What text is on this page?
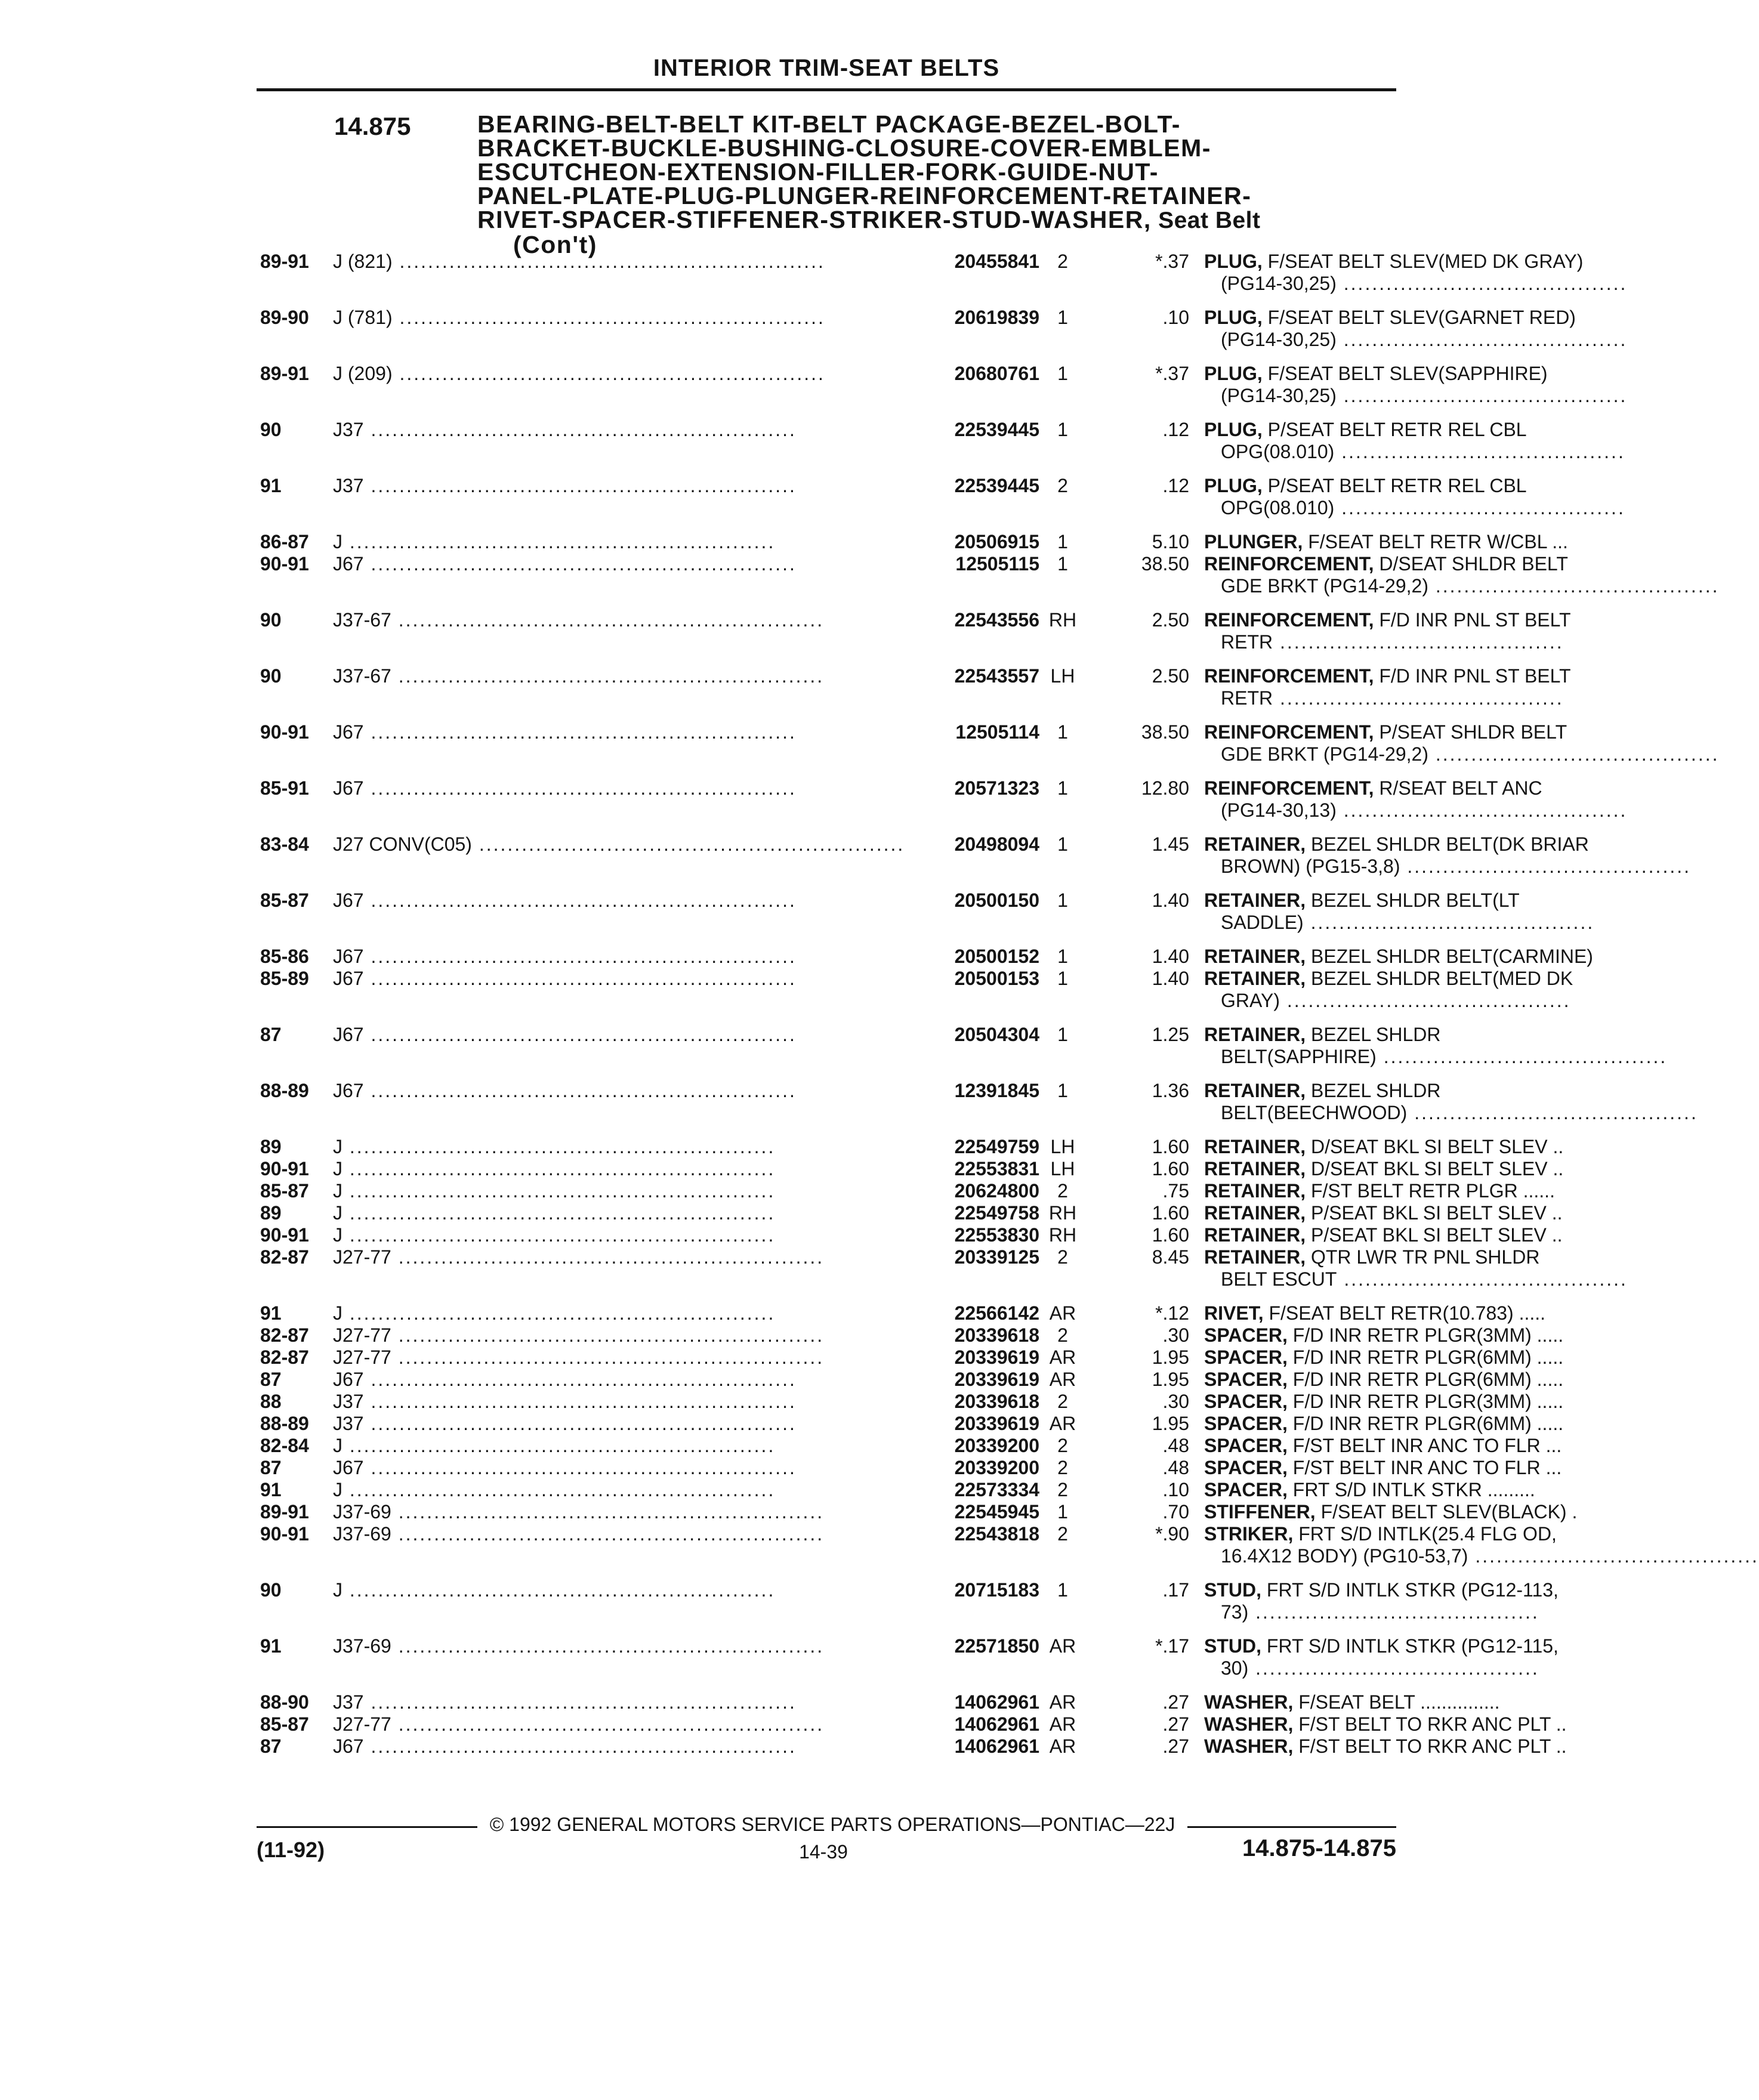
INTERIOR TRIM-SEAT BELTS
14.875	BEARING-BELT-BELT KIT-BELT PACKAGE-BEZEL-BOLT-
BRACKET-BUCKLE-BUSHING-CLOSURE-COVER-EMBLEM-
ESCUTCHEON-EXTENSION-FILLER-FORK-GUIDE-NUT-
PANEL-PLATE-PLUG-PLUNGER-REINFORCEMENT-RETAINER-
RIVET-SPACER-STIFFENER-STRIKER-STUD-WASHER, Seat Belt
(Con't)
89-91	J (821) ............................................................	20455841 2	*.37 PLUG, F/SEAT BELT SLEV(MED DK GRAY)
(PG14-30,25) ........................................
89-90	J (781) ............................................................	20619839 1	.10 PLUG, F/SEAT BELT SLEV(GARNET RED)
(PG14-30,25) ........................................
89-91	J (209) ............................................................	20680761 1	*.37 PLUG, F/SEAT BELT SLEV(SAPPHIRE)
(PG14-30,25) ........................................
90	J37 ............................................................	22539445 1	.12 PLUG, P/SEAT BELT RETR REL CBL
OPG(08.010) ........................................
91	J37 ............................................................	22539445 2	.12 PLUG, P/SEAT BELT RETR REL CBL
OPG(08.010) ........................................
86-87	J ............................................................	20506915 1	5.10 PLUNGER, F/SEAT BELT RETR W/CBL ...
90-91	J67 ............................................................	12505115 1	38.50 REINFORCEMENT, D/SEAT SHLDR BELT
GDE BRKT (PG14-29,2) ........................................
90	J37-67 ............................................................	22543556 RH	2.50 REINFORCEMENT, F/D INR PNL ST BELT
RETR ........................................
90	J37-67 ............................................................	22543557 LH	2.50 REINFORCEMENT, F/D INR PNL ST BELT
RETR ........................................
90-91	J67 ............................................................	12505114 1	38.50 REINFORCEMENT, P/SEAT SHLDR BELT
GDE BRKT (PG14-29,2) ........................................
85-91	J67 ............................................................	20571323 1	12.80 REINFORCEMENT, R/SEAT BELT ANC
(PG14-30,13) ........................................
83-84	J27 CONV(C05) ............................................................	20498094 1	1.45 RETAINER, BEZEL SHLDR BELT(DK BRIAR
BROWN) (PG15-3,8) ........................................
85-87	J67 ............................................................	20500150 1	1.40 RETAINER, BEZEL SHLDR BELT(LT
SADDLE) ........................................
85-86	J67 ............................................................	20500152 1	1.40 RETAINER, BEZEL SHLDR BELT(CARMINE)
85-89	J67 ............................................................	20500153 1	1.40 RETAINER, BEZEL SHLDR BELT(MED DK
GRAY) ........................................
87	J67 ............................................................	20504304 1	1.25 RETAINER, BEZEL SHLDR
BELT(SAPPHIRE) ........................................
88-89	J67 ............................................................	12391845 1	1.36 RETAINER, BEZEL SHLDR
BELT(BEECHWOOD) ........................................
89	J ............................................................	22549759 LH	1.60 RETAINER, D/SEAT BKL SI BELT SLEV ..
90-91	J ............................................................	22553831 LH	1.60 RETAINER, D/SEAT BKL SI BELT SLEV ..
85-87	J ............................................................	20624800 2	.75 RETAINER, F/ST BELT RETR PLGR ......
89	J ............................................................	22549758 RH	1.60 RETAINER, P/SEAT BKL SI BELT SLEV ..
90-91	J ............................................................	22553830 RH	1.60 RETAINER, P/SEAT BKL SI BELT SLEV ..
82-87	J27-77 ............................................................	20339125 2	8.45 RETAINER, QTR LWR TR PNL SHLDR
BELT ESCUT ........................................
91	J ............................................................	22566142 AR	*.12 RIVET, F/SEAT BELT RETR(10.783) .....
82-87	J27-77 ............................................................	20339618 2	.30 SPACER, F/D INR RETR PLGR(3MM) .....
82-87	J27-77 ............................................................	20339619 AR	1.95 SPACER, F/D INR RETR PLGR(6MM) .....
87	J67 ............................................................	20339619 AR	1.95 SPACER, F/D INR RETR PLGR(6MM) .....
88	J37 ............................................................	20339618 2	.30 SPACER, F/D INR RETR PLGR(3MM) .....
88-89	J37 ............................................................	20339619 AR	1.95 SPACER, F/D INR RETR PLGR(6MM) .....
82-84	J ............................................................	20339200 2	.48 SPACER, F/ST BELT INR ANC TO FLR ...
87	J67 ............................................................	20339200 2	.48 SPACER, F/ST BELT INR ANC TO FLR ...
91	J ............................................................	22573334 2	.10 SPACER, FRT S/D INTLK STKR .........
89-91	J37-69 ............................................................	22545945 1	.70 STIFFENER, F/SEAT BELT SLEV(BLACK) .
90-91	J37-69 ............................................................	22543818 2	*.90 STRIKER, FRT S/D INTLK(25.4 FLG OD,
16.4X12 BODY) (PG10-53,7) ........................................
90	J ............................................................	20715183 1	.17 STUD, FRT S/D INTLK STKR (PG12-113,
73) ........................................
91	J37-69 ............................................................	22571850 AR	*.17 STUD, FRT S/D INTLK STKR (PG12-115,
30) ........................................
88-90	J37 ............................................................	14062961 AR	.27 WASHER, F/SEAT BELT ...............
85-87	J27-77 ............................................................	14062961 AR	.27 WASHER, F/ST BELT TO RKR ANC PLT ..
87	J67 ............................................................	14062961 AR	.27 WASHER, F/ST BELT TO RKR ANC PLT ..
© 1992 GENERAL MOTORS SERVICE PARTS OPERATIONS—PONTIAC—22J
(11-92)	14-39	14.875-14.875
